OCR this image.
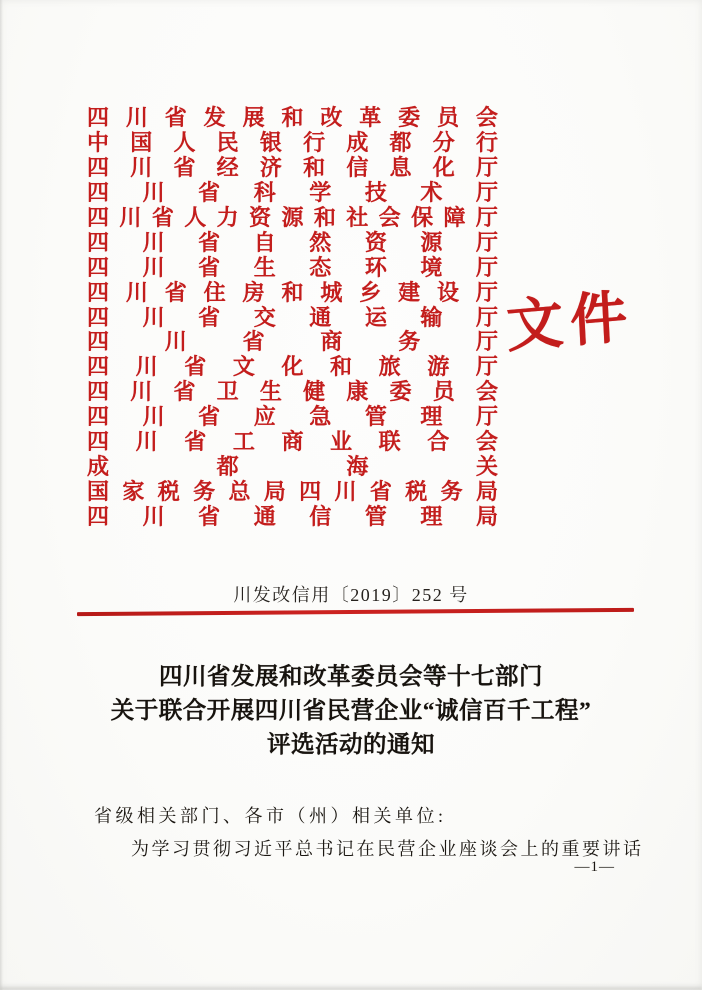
四 川 省 发 展 和 改 革 委 员 会
中 国 人 民 银 行 成 都 分 行
四 川 省 经 济 和 信 息 化 厅
四 川 省 科 学 技 术 厅
四 川 省 人 力 资 源 和 社 会 保 障 厅
四 川 省 自 然 资 源 厅
四 川 省 生 态 环 境 厅
四 川 省 住 房 和 城 乡 建 设 厅
四 川 省 交 通 运 输 厅
四	川	省	商	务	厅
四 川 省 文 化 和 旅 游 厅
四 川 省 卫 生 健 康 委 员 会
四 川 省 应 急 管 理 厅
四 川 省 工 商 业 联 合 会
成	都	海	关
国 家 税 务 总 局 四 川 省 税 务 局
四 川 省 通 信 管 理 局
文件
川发改信用〔2019〕252 号
四川省发展和改革委员会等十七部门
关于联合开展四川省民营企业“诚信百千工程”
评选活动的通知
省级相关部门、各市（州）相关单位:
为学习贯彻习近平总书记在民营企业座谈会上的重要讲话
—1—
